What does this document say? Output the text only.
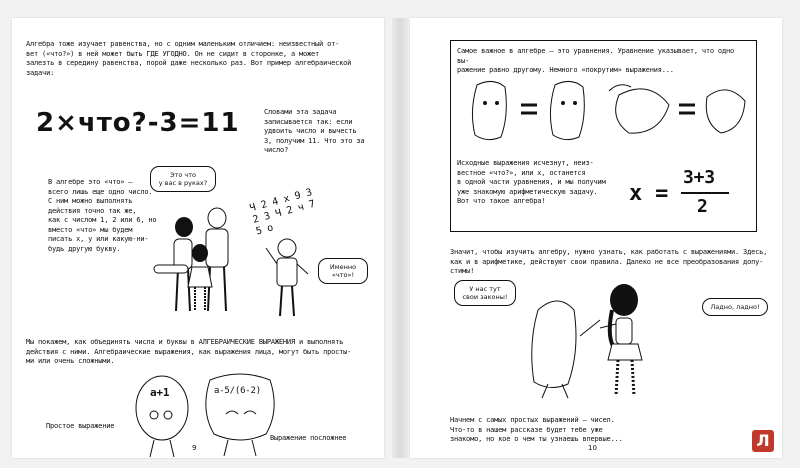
Алгебра тоже изучает равенства, но с одним маленьким отличием: неизвестный от-
вет («что?») в ней может быть ГДЕ УГОДНО. Он не сидит в сторонке, а может
залезть в середину равенства, порой даже несколько раз. Вот пример алгебраической
задачи:
2×что?-3=11	Словами эта задача
записывается так: если
удвоить число и вычесть
3, получим 11. Что это за
число?
Это что
у вас в руках?
Именно
«что»!
В алгебре это «что» —
всего лишь еще одно число.
С ним можно выполнять
действия точно так же,
как с числом 1, 2 или 6, но
вместо «что» мы будем
писать x, y или какую-ни-
будь другую букву.
Ч 2 4 х 9 3 2 3 Ч 2 ч 7 5 о
Мы покажем, как объединять числа и буквы в АЛГЕБРАИЧЕСКИЕ ВЫРАЖЕНИЯ и выполнять
действия с ними. Алгебраические выражения, как выражения лица, могут быть просты-
ми или очень сложными.
a+1	a-5/(6-2)
Простое выражение
Выражение посложнее
9
Самое важное в алгебре — это уравнения. Уравнение указывает, что одно вы-
ражение равно другому. Немного «покрутим» выражения...
Исходные выражения исчезнут, неиз-
вестное «что?», или x, останется
в одной части уравнения, и мы получим
уже знакомую арифметическую задачу.
Вот что такое алгебра!	x =
3+3
2
Значит, чтобы изучить алгебру, нужно узнать, как работать с выражениями. Здесь,
как и в арифметике, действуют свои правила. Далеко не все преобразования допу-
стимы!
У нас тут
свои законы!
Ладно, ладно!
Начнем с самых простых выражений — чисел.
Что-то в нашем рассказе будет тебе уже
знакомо, но кое о чем ты узнаешь впервые...
10	Л
